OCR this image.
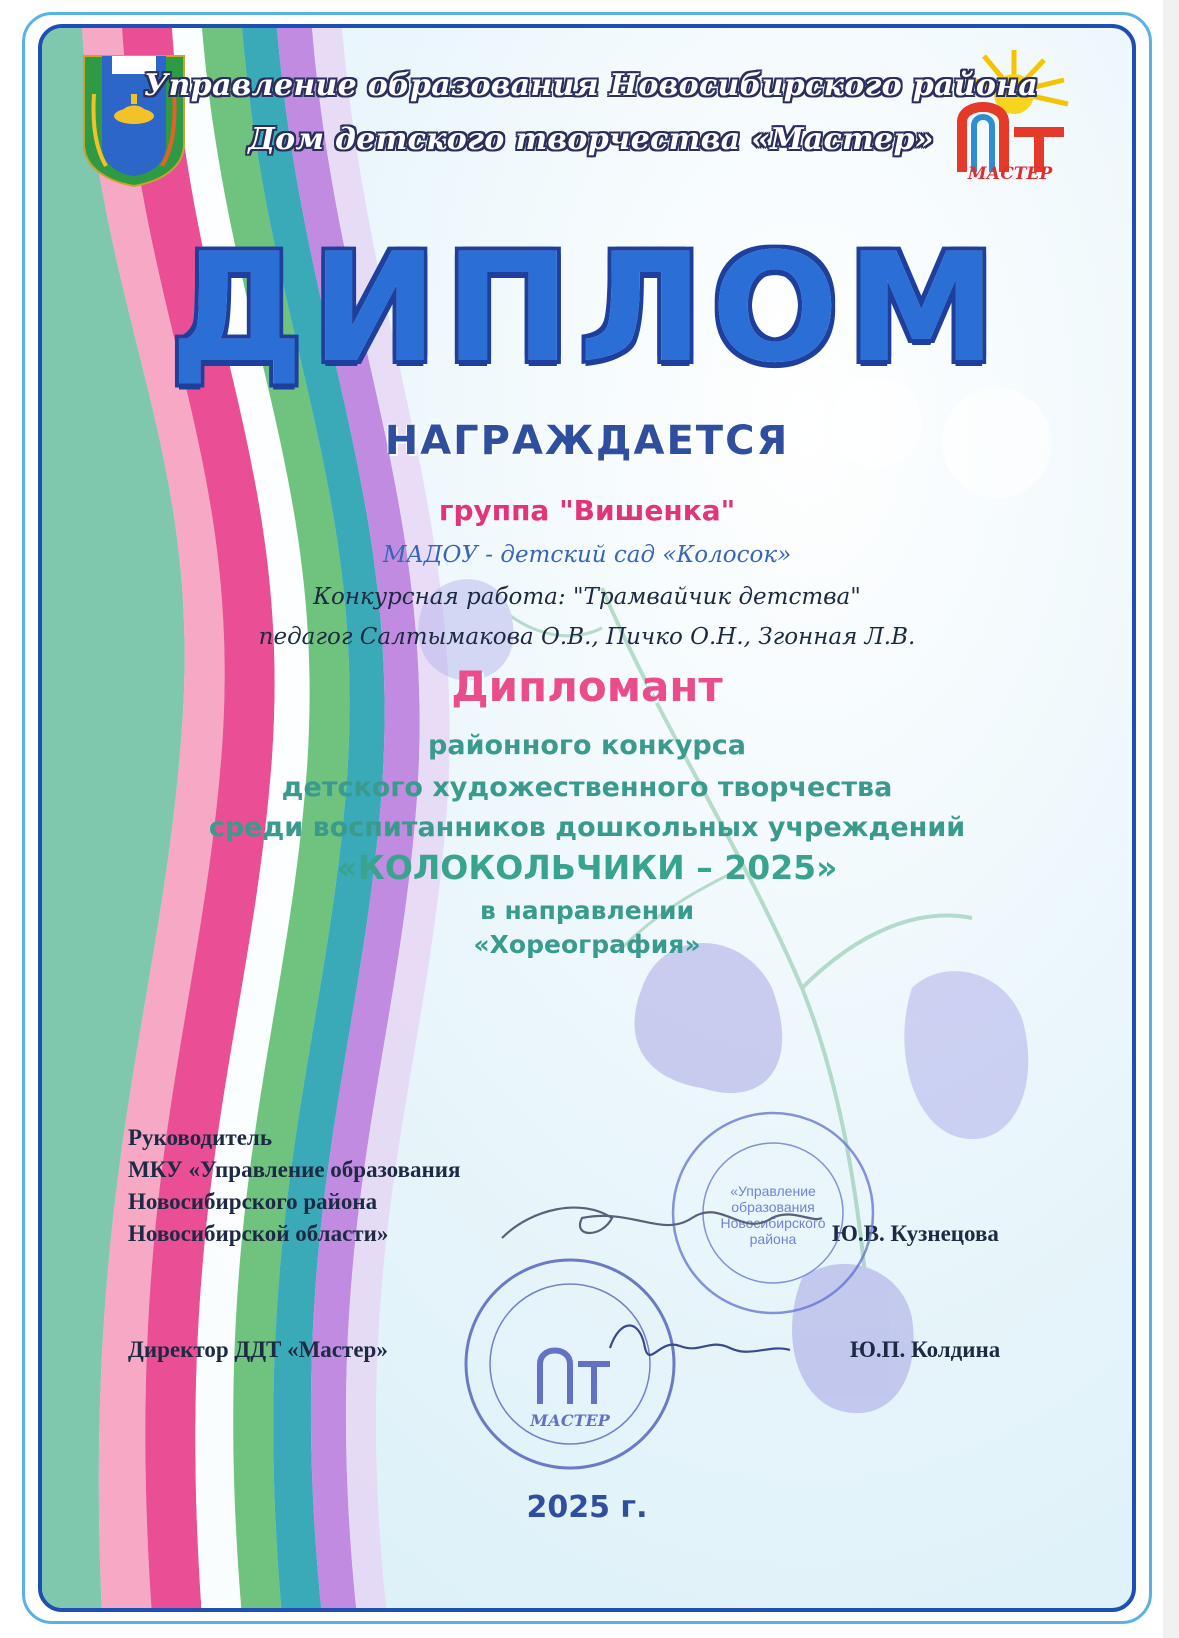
МАСТЕР
Управление образования Новосибирского района
Дом детского творчества «Мастер»
ДИПЛОМ
НАГРАЖДАЕТСЯ
группа "Вишенка"
МАДОУ - детский сад «Колосок»
Конкурсная работа: "Трамвайчик детства"
педагог Салтымакова О.В., Пичко О.Н., Згонная Л.В.
Дипломант
районного конкурса
детского художественного творчества
среди воспитанников дошкольных учреждений
«КОЛОКОЛЬЧИКИ – 2025»
в направлении
«Хореография»
Руководитель
МКУ «Управление образования
Новосибирского района
Новосибирской области»	Ю.В. Кузнецова
Директор ДДТ «Мастер»	Ю.П. Колдина
«Управление
образования
Новосибирского
района
МАСТЕР
2025 г.
